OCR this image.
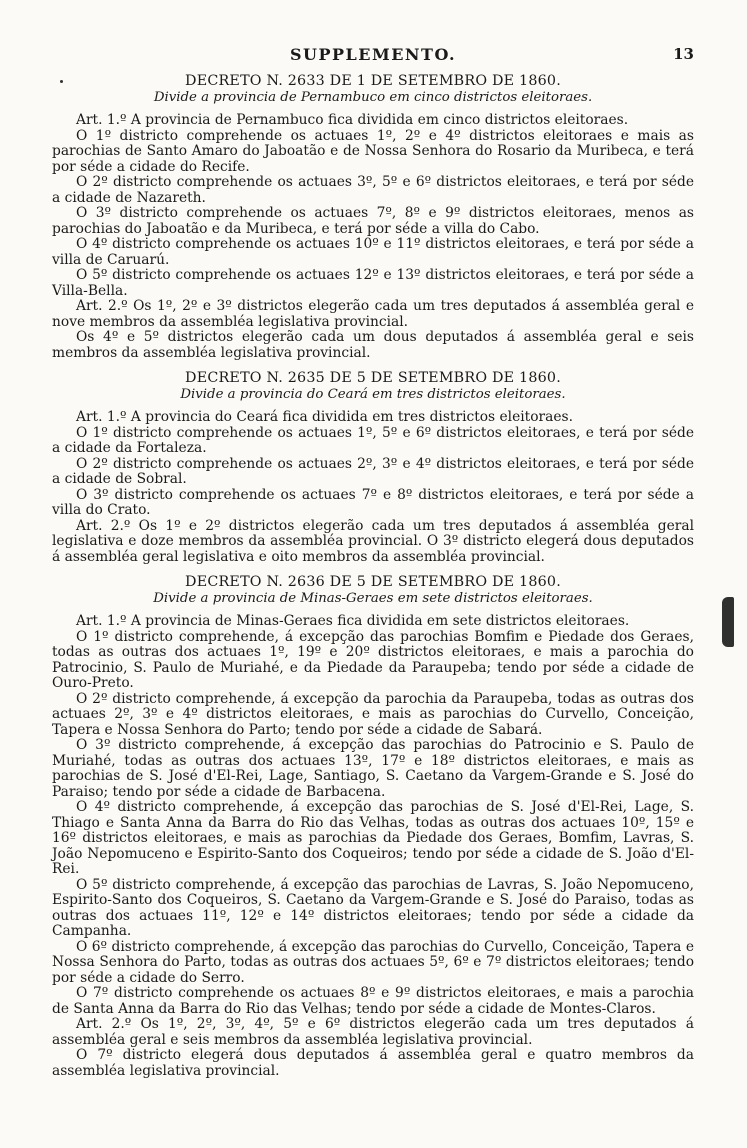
SUPPLEMENTO.	13
DECRETO N. 2633 DE 1 DE SETEMBRO DE 1860.
Divide a provincia de Pernambuco em cinco districtos eleitoraes.

Art. 1.º A provincia de Pernambuco fica dividida em cinco districtos eleitoraes.

O 1º districto comprehende os actuaes 1º, 2º e 4º districtos eleitoraes e mais as parochias de Santo Amaro do Jaboatão e de Nossa Senhora do Rosario da Muribeca, e terá por séde a cidade do Recife.

O 2º districto comprehende os actuaes 3º, 5º e 6º districtos eleitoraes, e terá por séde a cidade de Nazareth.

O 3º districto comprehende os actuaes 7º, 8º e 9º districtos eleitoraes, menos as parochias do Jaboatão e da Muribeca, e terá por séde a villa do Cabo.

O 4º districto comprehende os actuaes 10º e 11º districtos eleitoraes, e terá por séde a villa de Caruarú.

O 5º districto comprehende os actuaes 12º e 13º districtos eleitoraes, e terá por séde a Villa-Bella.

Art. 2.º Os 1º, 2º e 3º districtos elegerão cada um tres deputados á assembléa geral e nove membros da assembléa legislativa provincial.

Os 4º e 5º districtos elegerão cada um dous deputados á assembléa geral e seis membros da assembléa legislativa provincial.

DECRETO N. 2635 DE 5 DE SETEMBRO DE 1860.
Divide a provincia do Ceará em tres districtos eleitoraes.

Art. 1.º A provincia do Ceará fica dividida em tres districtos eleitoraes.

O 1º districto comprehende os actuaes 1º, 5º e 6º districtos eleitoraes, e terá por séde a cidade da Fortaleza.

O 2º districto comprehende os actuaes 2º, 3º e 4º districtos eleitoraes, e terá por séde a cidade de Sobral.

O 3º districto comprehende os actuaes 7º e 8º districtos eleitoraes, e terá por séde a villa do Crato.

Art. 2.º Os 1º e 2º districtos elegerão cada um tres deputados á assembléa geral legislativa e doze membros da assembléa provincial. O 3º districto elegerá dous deputados á assembléa geral legislativa e oito membros da assembléa provincial.

DECRETO N. 2636 DE 5 DE SETEMBRO DE 1860.
Divide a provincia de Minas-Geraes em sete districtos eleitoraes.

Art. 1.º A provincia de Minas-Geraes fica dividida em sete districtos eleitoraes.

O 1º districto comprehende, á excepção das parochias Bomfim e Piedade dos Geraes, todas as outras dos actuaes 1º, 19º e 20º districtos eleitoraes, e mais a parochia do Patrocinio, S. Paulo de Muriahé, e da Piedade da Paraupeba; tendo por séde a cidade de Ouro-Preto.

O 2º districto comprehende, á excepção da parochia da Paraupeba, todas as outras dos actuaes 2º, 3º e 4º districtos eleitoraes, e mais as parochias do Curvello, Conceição, Tapera e Nossa Senhora do Parto; tendo por séde a cidade de Sabará.

O 3º districto comprehende, á excepção das parochias do Patrocinio e S. Paulo de Muriahé, todas as outras dos actuaes 13º, 17º e 18º districtos eleitoraes, e mais as parochias de S. José d'El-Rei, Lage, Santiago, S. Caetano da Vargem-Grande e S. José do Paraiso; tendo por séde a cidade de Barbacena.

O 4º districto comprehende, á excepção das parochias de S. José d'El-Rei, Lage, S. Thiago e Santa Anna da Barra do Rio das Velhas, todas as outras dos actuaes 10º, 15º e 16º districtos eleitoraes, e mais as parochias da Piedade dos Geraes, Bomfim, Lavras, S. João Nepomuceno e Espirito-Santo dos Coqueiros; tendo por séde a cidade de S. João d'El-Rei.

O 5º districto comprehende, á excepção das parochias de Lavras, S. João Nepomuceno, Espirito-Santo dos Coqueiros, S. Caetano da Vargem-Grande e S. José do Paraiso, todas as outras dos actuaes 11º, 12º e 14º districtos eleitoraes; tendo por séde a cidade da Campanha.

O 6º districto comprehende, á excepção das parochias do Curvello, Conceição, Tapera e Nossa Senhora do Parto, todas as outras dos actuaes 5º, 6º e 7º districtos eleitoraes; tendo por séde a cidade do Serro.

O 7º districto comprehende os actuaes 8º e 9º districtos eleitoraes, e mais a parochia de Santa Anna da Barra do Rio das Velhas; tendo por séde a cidade de Montes-Claros.

Art. 2.º Os 1º, 2º, 3º, 4º, 5º e 6º districtos elegerão cada um tres deputados á assembléa geral e seis membros da assembléa legislativa provincial.

O 7º districto elegerá dous deputados á assembléa geral e quatro membros da assembléa legislativa provincial.
